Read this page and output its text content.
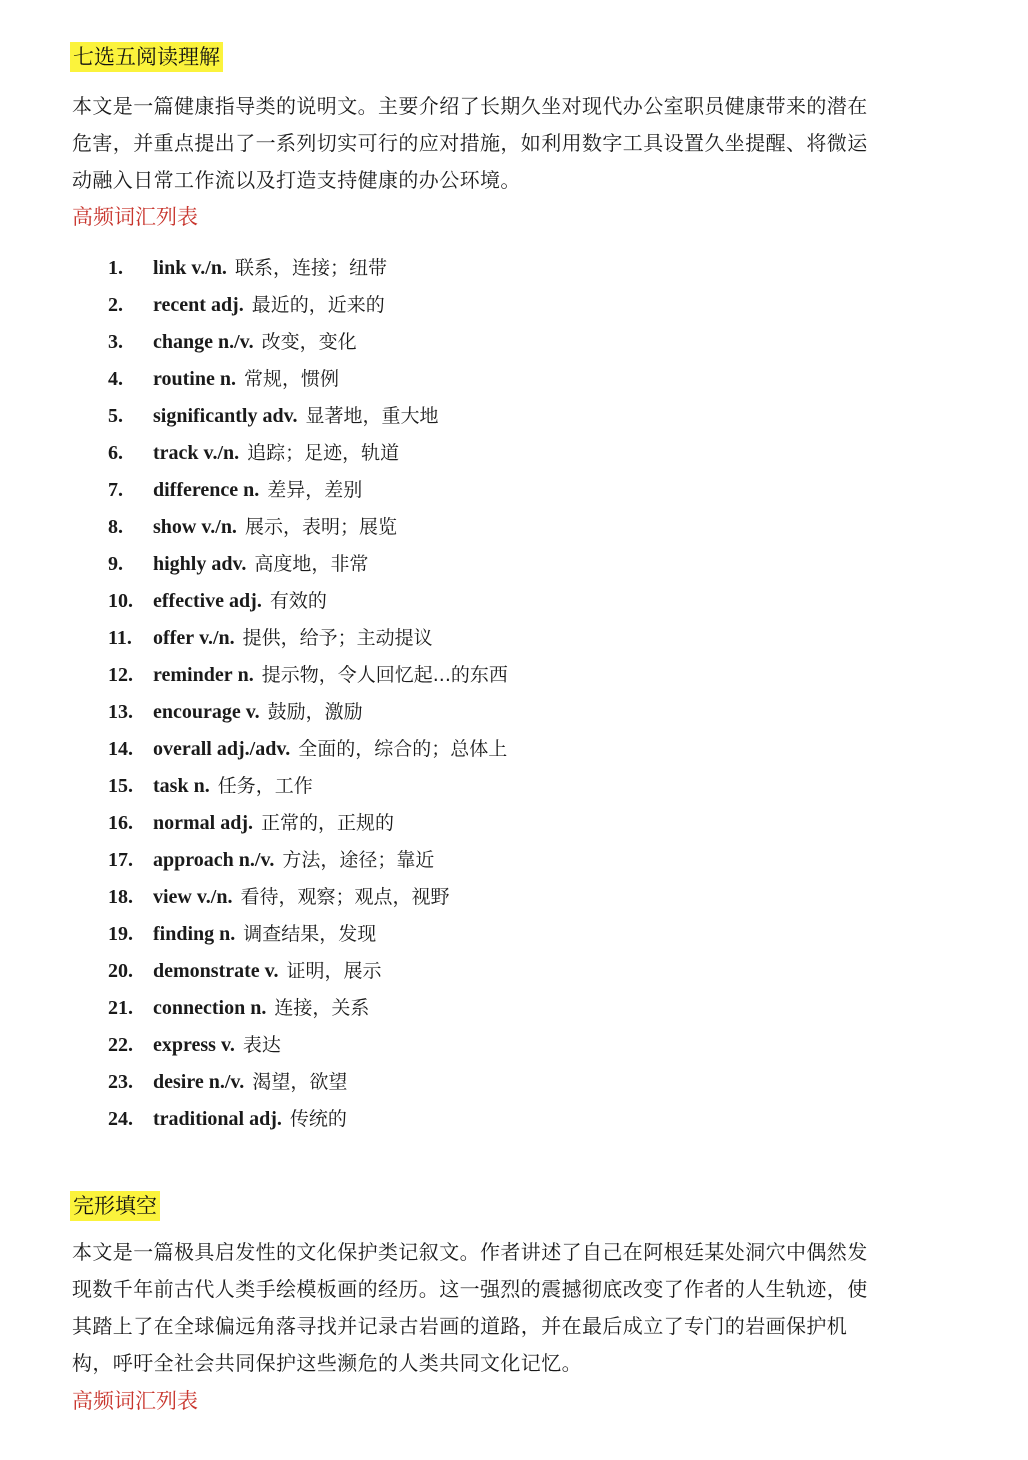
七选五阅读理解
本文是一篇健康指导类的说明文。主要介绍了长期久坐对现代办公室职员健康带来的潜在
危害，并重点提出了一系列切实可行的应对措施，如利用数字工具设置久坐提醒、将微运
动融入日常工作流以及打造支持健康的办公环境。
高频词汇列表
1.	link v./n. 联系，连接；纽带
2.	recent adj. 最近的，近来的
3.	change n./v. 改变，变化
4.	routine n. 常规，惯例
5.	significantly adv. 显著地，重大地
6.	track v./n. 追踪；足迹，轨道
7.	difference n. 差异，差别
8.	show v./n. 展示，表明；展览
9.	highly adv. 高度地，非常
10.	effective adj. 有效的
11.	offer v./n. 提供，给予；主动提议
12.	reminder n. 提示物，令人回忆起...的东西
13.	encourage v. 鼓励，激励
14.	overall adj./adv. 全面的，综合的；总体上
15.	task n. 任务，工作
16.	normal adj. 正常的，正规的
17.	approach n./v. 方法，途径；靠近
18.	view v./n. 看待，观察；观点，视野
19.	finding n. 调查结果，发现
20.	demonstrate v. 证明，展示
21.	connection n. 连接，关系
22.	express v. 表达
23.	desire n./v. 渴望，欲望
24.	traditional adj. 传统的
完形填空
本文是一篇极具启发性的文化保护类记叙文。作者讲述了自己在阿根廷某处洞穴中偶然发
现数千年前古代人类手绘模板画的经历。这一强烈的震撼彻底改变了作者的人生轨迹，使
其踏上了在全球偏远角落寻找并记录古岩画的道路，并在最后成立了专门的岩画保护机
构，呼吁全社会共同保护这些濒危的人类共同文化记忆。
高频词汇列表
